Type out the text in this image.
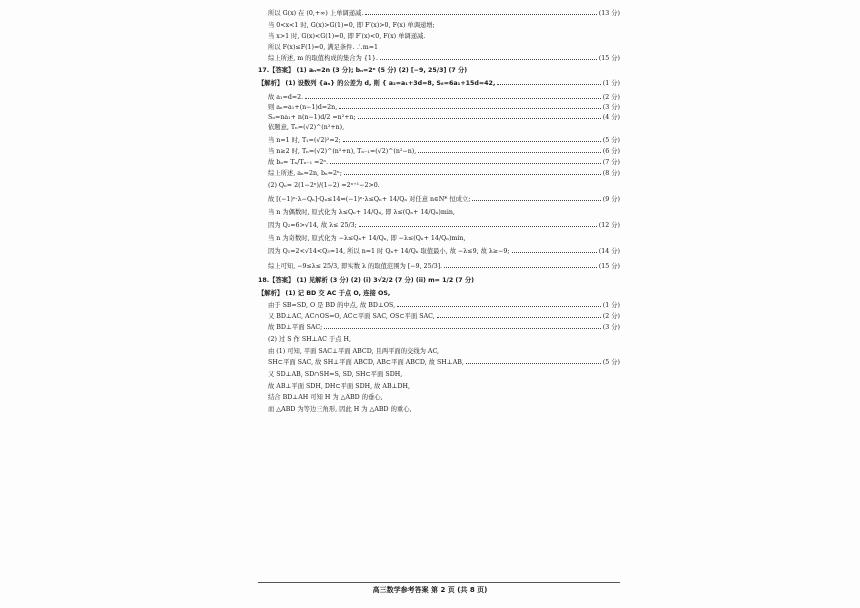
所以 G(x) 在 (0,+∞) 上单调递减.	(13 分)
当 0<x<1 时, G(x)>G(1)=0, 即 F′(x)>0, F(x) 单调递增;
当 x>1 时, G(x)<G(1)=0, 即 F′(x)<0, F(x) 单调递减.
所以 F(x)≤F(1)=0, 满足条件. ∴m=1
综上所述, m 的取值构成的集合为 {1}.	(15 分)
17.【答案】 (1) aₙ=2n (3 分); bₙ=2ⁿ (5 分) (2) [−9, 25/3] (7 分)
【解析】 (1) 设数列 {aₙ} 的公差为 d, 则 { a₂=a₁+3d=8, S₆=6a₁+15d=42,	(1 分)
故 a₁=d=2.	(2 分)
则 aₙ=a₁+(n−1)d=2n,	(3 分)
Sₙ=na₁+ n(n−1)d/2 =n²+n;	(4 分)
依题意, Tₙ=(√2)^(n²+n),
当 n=1 时, T₁=(√2)²=2;	(5 分)
当 n≥2 时, Tₙ=(√2)^(n²+n), Tₙ₋₁=(√2)^(n²−n),	(6 分)
故 bₙ= Tₙ/Tₙ₋₁ =2ⁿ.	(7 分)
综上所述, aₙ=2n, bₙ=2ⁿ;	(8 分)
(2) Qₙ= 2(1−2ⁿ)/(1−2) =2ⁿ⁺¹−2>0.
故 [(−1)ⁿ·λ−Qₙ]·Qₙ≤14⇔(−1)ⁿ·λ≤Qₙ+ 14/Qₙ 对任意 n∈N* 恒成立;	(9 分)
当 n 为偶数时, 原式化为 λ≤Qₙ+ 14/Qₙ, 即 λ≤(Qₙ+ 14/Qₙ)min,
因为 Q₂=6>√14, 故 λ≤ 25/3;	(12 分)
当 n 为奇数时, 原式化为 −λ≤Qₙ+ 14/Qₙ, 即 −λ≤(Qₙ+ 14/Qₙ)min,
因为 Q₁=2<√14<Q₃=14, 所以 n=1 时 Qₙ+ 14/Qₙ 取值最小, 故 −λ≤9, 故 λ≥−9;	(14 分)
综上可知, −9≤λ≤ 25/3, 即实数 λ 的取值范围为 [−9, 25/3].	(15 分)
18.【答案】 (1) 见解析 (3 分) (2) (i) 3√2/2 (7 分) (ii) m= 1/2 (7 分)
【解析】 (1) 记 BD 交 AC 于点 O, 连接 OS,
由于 SB=SD, O 是 BD 的中点, 故 BD⊥OS,	(1 分)
又 BD⊥AC, AC∩OS=O, AC⊂平面 SAC, OS⊂平面 SAC,	(2 分)
故 BD⊥平面 SAC;	(3 分)
(2) 过 S 作 SH⊥AC 于点 H,
由 (1) 可知, 平面 SAC⊥平面 ABCD, 且两平面的交线为 AC,
SH⊂平面 SAC, 故 SH⊥平面 ABCD, AB⊂平面 ABCD, 故 SH⊥AB,	(5 分)
又 SD⊥AB, SD∩SH=S, SD, SH⊂平面 SDH,
故 AB⊥平面 SDH, DH⊂平面 SDH, 故 AB⊥DH,
结合 BD⊥AH 可知 H 为 △ABD 的垂心,
而 △ABD 为等边三角形, 因此 H 为 △ABD 的重心,
高三数学参考答案 第 2 页 (共 8 页)
